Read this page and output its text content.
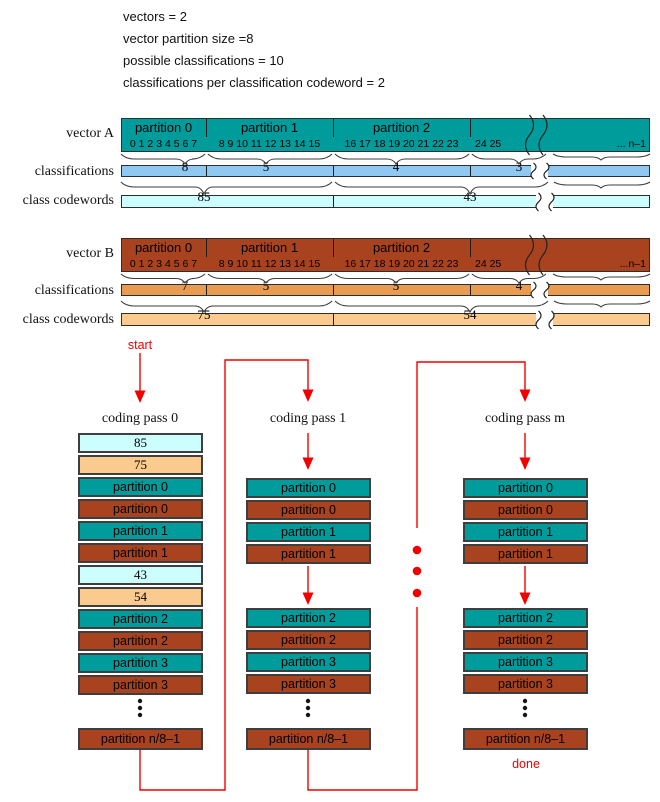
vectors = 2
vector partition size =8
possible classifications = 10
classifications per classification codeword = 2
vector A
classifications
class codewords
partition 0	partition 1	partition 2
0 1 2 3 4 5 6 7	8 9 10 11 12 13 14 15	16 17 18 19 20 21 22 23	24 25	... n–1
8	5	4	3
85	43
vector B
classifications
class codewords
partition 0	partition 1	partition 2
0 1 2 3 4 5 6 7	8 9 10 11 12 13 14 15	16 17 18 19 20 21 22 23	24 25	...n–1
7	5	5	4
75	54
coding pass 0
85
75
partition 0
partition 0
partition 1
partition 1
43
54
partition 2
partition 2
partition 3
partition 3
partition n/8–1
coding pass 1
partition 0
partition 0
partition 1
partition 1
partition 2
partition 2
partition 3
partition 3
partition n/8–1
coding pass m
partition 0
partition 0
partition 1
partition 1
partition 2
partition 2
partition 3
partition 3
partition n/8–1
start
done
